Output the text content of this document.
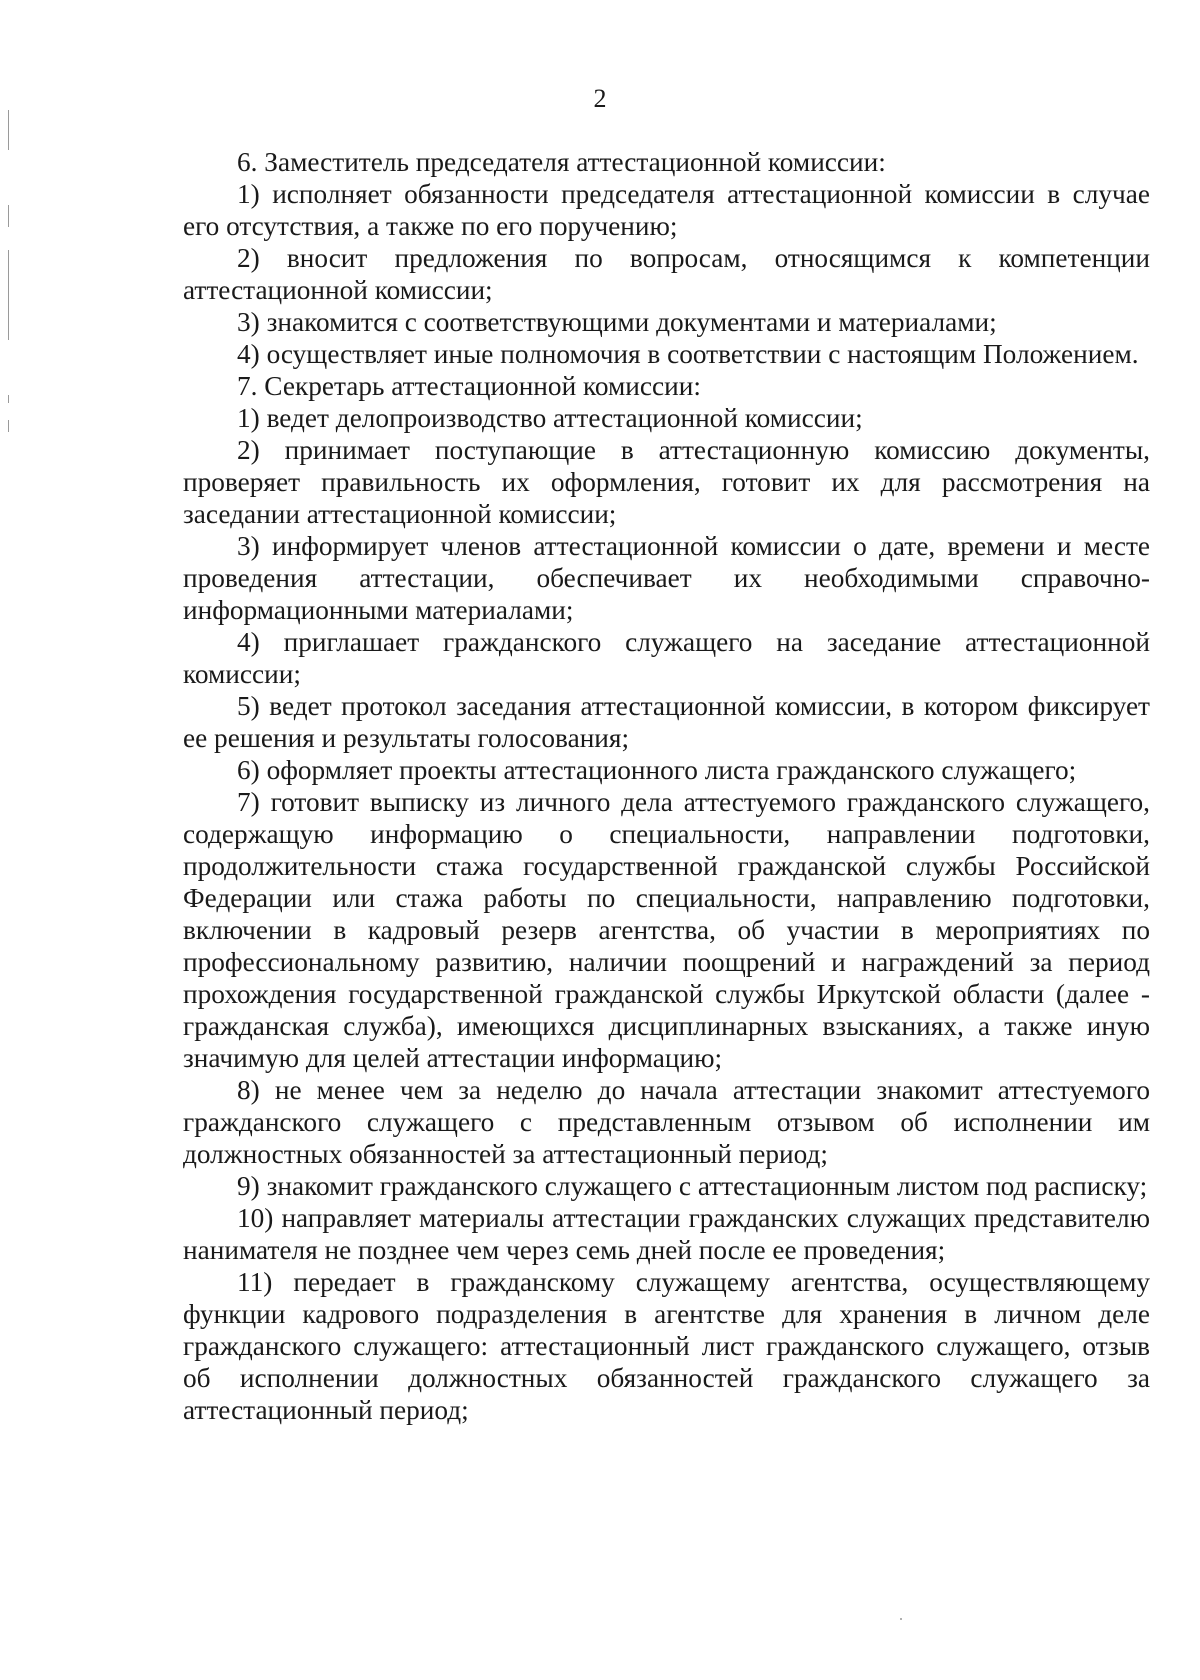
2

6. Заместитель председателя аттестационной комиссии:

1) исполняет обязанности председателя аттестационной комиссии в случае его отсутствия, а также по его поручению;

2) вносит предложения по вопросам, относящимся к компетенции аттестационной комиссии;

3) знакомится с соответствующими документами и материалами;

4) осуществляет иные полномочия в соответствии с настоящим Положением.

7. Секретарь аттестационной комиссии:

1) ведет делопроизводство аттестационной комиссии;

2) принимает поступающие в аттестационную комиссию документы, проверяет правильность их оформления, готовит их для рассмотрения на заседании аттестационной комиссии;

3) информирует членов аттестационной комиссии о дате, времени и месте проведения аттестации, обеспечивает их необходимыми справочно-информационными материалами;

4) приглашает гражданского служащего на заседание аттестационной комиссии;

5) ведет протокол заседания аттестационной комиссии, в котором фиксирует ее решения и результаты голосования;

6) оформляет проекты аттестационного листа гражданского служащего;

7) готовит выписку из личного дела аттестуемого гражданского служащего, содержащую информацию о специальности, направлении подготовки, продолжительности стажа государственной гражданской службы Российской Федерации или стажа работы по специальности, направлению подготовки, включении в кадровый резерв агентства, об участии в мероприятиях по профессиональному развитию, наличии поощрений и награждений за период прохождения государственной гражданской службы Иркутской области (далее - гражданская служба), имеющихся дисциплинарных взысканиях, а также иную значимую для целей аттестации информацию;

8) не менее чем за неделю до начала аттестации знакомит аттестуемого гражданского служащего с представленным отзывом об исполнении им должностных обязанностей за аттестационный период;

9) знакомит гражданского служащего с аттестационным листом под расписку;

10) направляет материалы аттестации гражданских служащих представителю нанимателя не позднее чем через семь дней после ее проведения;

11) передает в гражданскому служащему агентства, осуществляющему функции кадрового подразделения в агентстве для хранения в личном деле гражданского служащего: аттестационный лист гражданского служащего, отзыв об исполнении должностных обязанностей гражданского служащего за аттестационный период;
